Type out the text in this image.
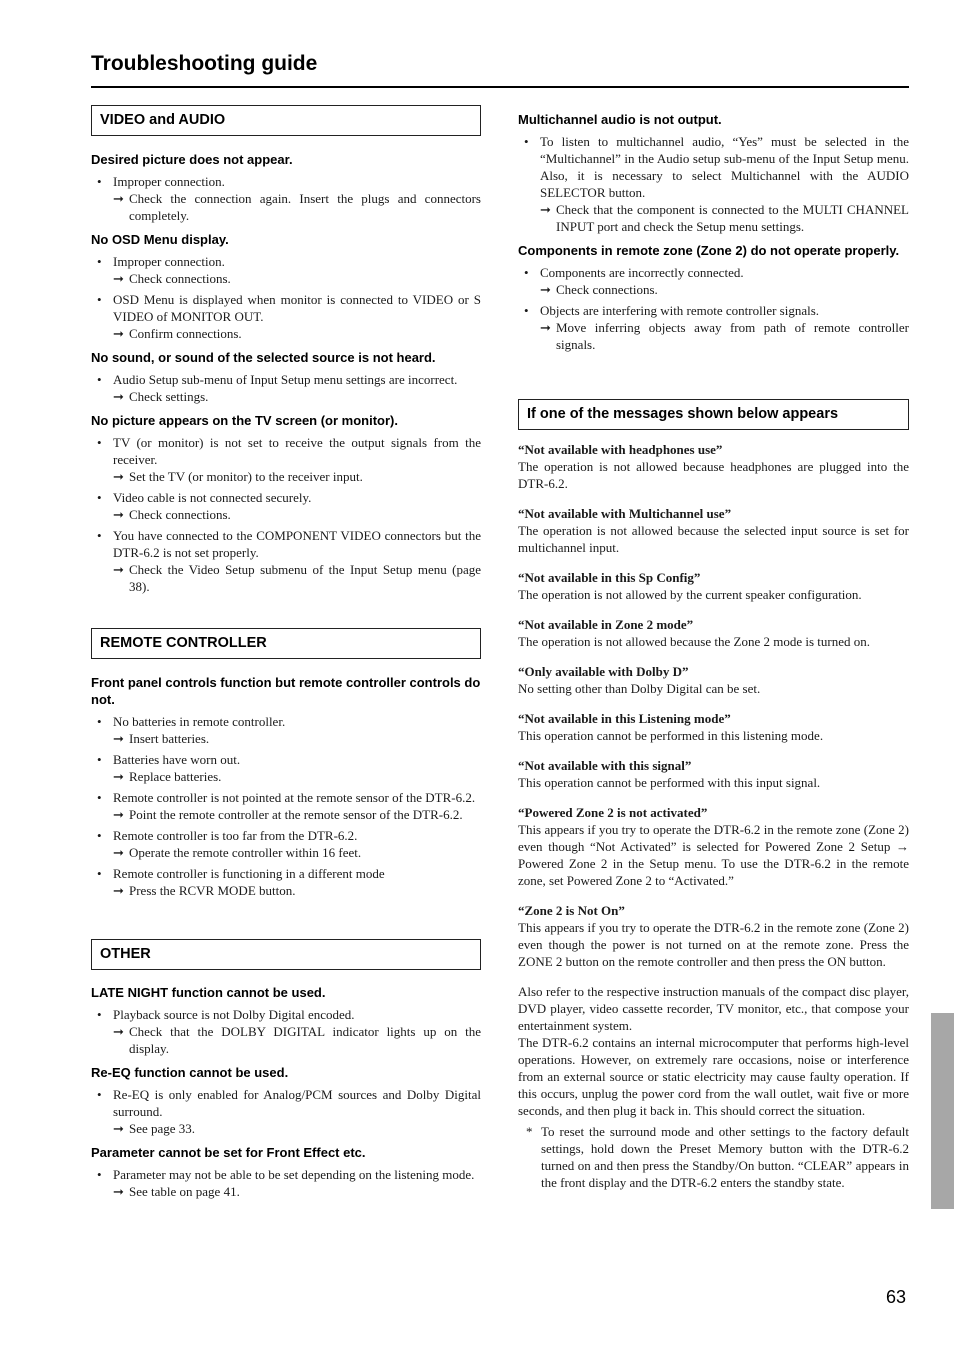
Troubleshooting guide
VIDEO and AUDIO
Desired picture does not appear.
• Improper connection.
➞ Check the connection again. Insert the plugs and connectors completely.
No OSD Menu display.
• Improper connection.
➞ Check connections.
• OSD Menu is displayed when monitor is connected to VIDEO or S VIDEO of MONITOR OUT.
➞ Confirm connections.
No sound, or sound of the selected source is not heard.
• Audio Setup sub-menu of Input Setup menu settings are incorrect.
➞ Check settings.
No picture appears on the TV screen (or monitor).
• TV (or monitor) is not set to receive the output signals from the receiver.
➞ Set the TV (or monitor) to the receiver input.
• Video cable is not connected securely.
➞ Check connections.
• You have connected to the COMPONENT VIDEO connectors but the DTR-6.2 is not set properly.
➞ Check the Video Setup submenu of the Input Setup menu (page 38).
REMOTE CONTROLLER
Front panel controls function but remote controller controls do not.
• No batteries in remote controller.
➞ Insert batteries.
• Batteries have worn out.
➞ Replace batteries.
• Remote controller is not pointed at the remote sensor of the DTR-6.2.
➞ Point the remote controller at the remote sensor of the DTR-6.2.
• Remote controller is too far from the DTR-6.2.
➞ Operate the remote controller within 16 feet.
• Remote controller is functioning in a different mode
➞ Press the RCVR MODE button.
OTHER
LATE NIGHT function cannot be used.
• Playback source is not Dolby Digital encoded.
➞ Check that the DOLBY DIGITAL indicator lights up on the display.
Re-EQ function cannot be used.
• Re-EQ is only enabled for Analog/PCM sources and Dolby Digital surround.
➞ See page 33.
Parameter cannot be set for Front Effect etc.
• Parameter may not be able to be set depending on the listening mode.
➞ See table on page 41.
Multichannel audio is not output.
• To listen to multichannel audio, “Yes” must be selected in the “Multichannel” in the Audio setup sub-menu of the Input Setup menu. Also, it is necessary to select Multichannel with the AUDIO SELECTOR button.
➞ Check that the component is connected to the MULTI CHANNEL INPUT port and check the Setup menu settings.
Components in remote zone (Zone 2) do not operate properly.
• Components are incorrectly connected.
➞ Check connections.
• Objects are interfering with remote controller signals.
➞ Move inferring objects away from path of remote controller signals.
If one of the messages shown below appears
“Not available with headphones use”
The operation is not allowed because headphones are plugged into the DTR-6.2.
“Not available with Multichannel use”
The operation is not allowed because the selected input source is set for multichannel input.
“Not available in this Sp Config”
The operation is not allowed by the current speaker configuration.
“Not available in Zone 2 mode”
The operation is not allowed because the Zone 2 mode is turned on.
“Only available with Dolby D”
No setting other than Dolby Digital can be set.
“Not available in this Listening mode”
This operation cannot be performed in this listening mode.
“Not available with this signal”
This operation cannot be performed with this input signal.
“Powered Zone 2 is not activated”
This appears if you try to operate the DTR-6.2 in the remote zone (Zone 2) even though “Not Activated” is selected for Powered Zone 2 Setup → Powered Zone 2 in the Setup menu. To use the DTR-6.2 in the remote zone, set Powered Zone 2 to “Activated.”
“Zone 2 is Not On”
This appears if you try to operate the DTR-6.2 in the remote zone (Zone 2) even though the power is not turned on at the remote zone. Press the ZONE 2 button on the remote controller and then press the ON button.
Also refer to the respective instruction manuals of the compact disc player, DVD player, video cassette recorder, TV monitor, etc., that compose your entertainment system.
The DTR-6.2 contains an internal microcomputer that performs high-level operations. However, on extremely rare occasions, noise or interference from an external source or static electricity may cause faulty operation. If this occurs, unplug the power cord from the wall outlet, wait five or more seconds, and then plug it back in. This should correct the situation.
* To reset the surround mode and other settings to the factory default settings, hold down the Preset Memory button with the DTR-6.2 turned on and then press the Standby/On button. “CLEAR” appears in the front display and the DTR-6.2 enters the standby state.
63
